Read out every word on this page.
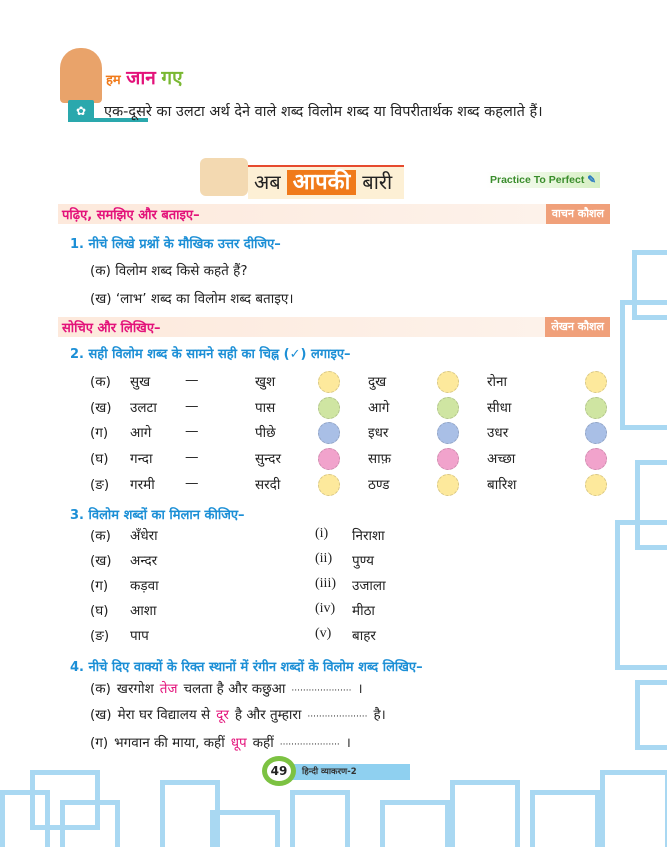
हम जान गए
✿	एक-दूसरे का उलटा अर्थ देने वाले शब्द विलोम शब्द या विपरीतार्थक शब्द कहलाते हैं।
अब आपकी बारी	Practice To Perfect ✎
पढ़िए, समझिए और बताइए–	वाचन कौशल
1. नीचे लिखे प्रश्नों के मौखिक उत्तर दीजिए–
(क) विलोम शब्द किसे कहते हैं?
(ख) ‘लाभ’ शब्द का विलोम शब्द बताइए।
सोचिए और लिखिए–	लेखन कौशल
2. सही विलोम शब्द के सामने सही का चिह्न (✓) लगाइए–
(क) सुख	—	खुश	दुख	रोना
(ख) उलटा —	पास	आगे	सीधा
(ग) आगे —	पीछे	इधर	उधर
(घ) गन्दा —	सुन्दर	साफ़	अच्छा
(ङ) गरमी —	सरदी	ठण्ड	बारिश
3. विलोम शब्दों का मिलान कीजिए–
(क) अँधेरा	(i) निराशा
(ख) अन्दर	(ii) पुण्य
(ग) कड़वा	(iii) उजाला
(घ) आशा	(iv) मीठा
(ङ) पाप	(v) बाहर
4. नीचे दिए वाक्यों के रिक्त स्थानों में रंगीन शब्दों के विलोम शब्द लिखिए–
(क) खरगोश तेज चलता है और कछुआ ····················· ।
(ख) मेरा घर विद्यालय से दूर है और तुम्हारा ····················· है।
(ग) भगवान की माया, कहीं धूप कहीं ····················· ।
49	हिन्दी व्याकरण-2
